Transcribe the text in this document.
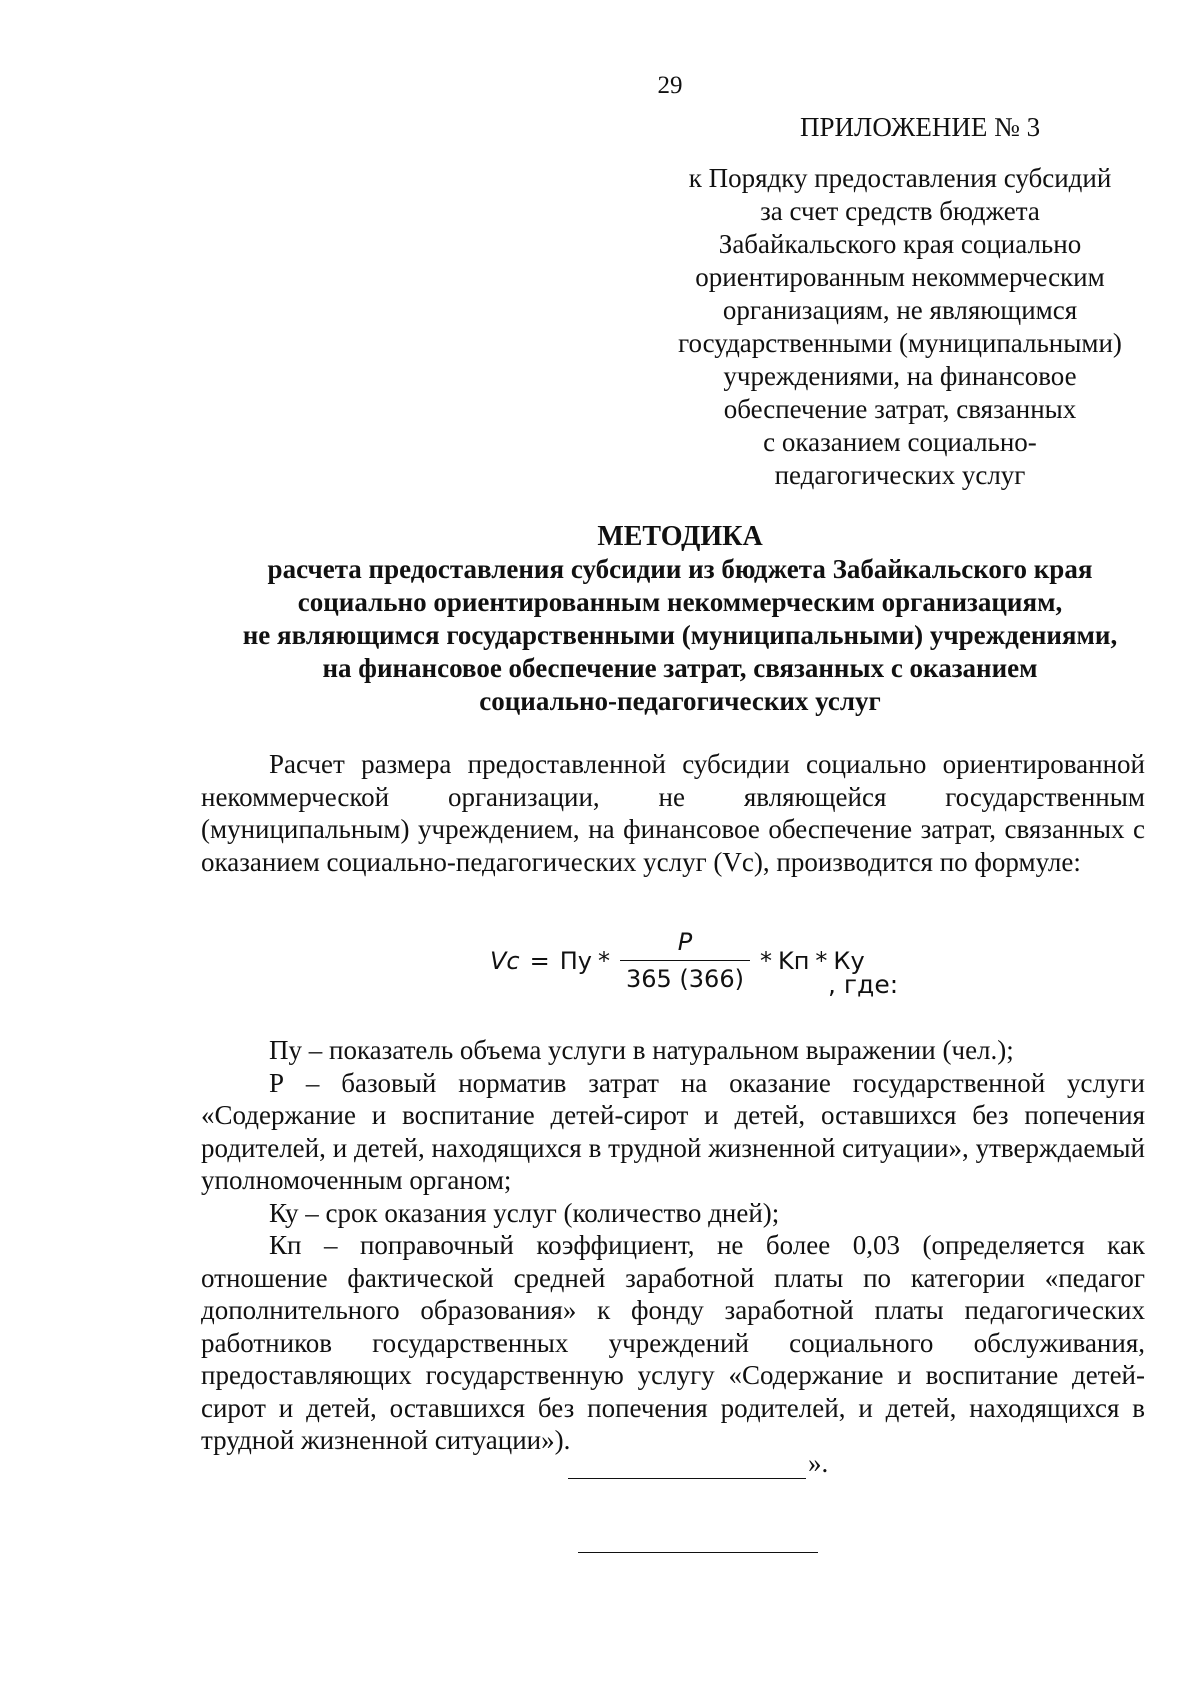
29
ПРИЛОЖЕНИЕ № 3
к Порядку предоставления субсидий
за счет средств бюджета
Забайкальского края социально
ориентированным некоммерческим
организациям, не являющимся
государственными (муниципальными)
учреждениями, на финансовое
обеспечение затрат, связанных
с оказанием социально-
педагогических услуг
МЕТОДИКА
расчета предоставления субсидии из бюджета Забайкальского края
социально ориентированным некоммерческим организациям,
не являющимся государственными (муниципальными) учреждениями,
на финансовое обеспечение затрат, связанных с оказанием
социально-педагогических услуг
Расчет размера предоставленной субсидии социально ориентированной некоммерческой организации, не являющейся государственным (муниципальным) учреждением, на финансовое обеспечение затрат, связанных с оказанием социально-педагогических услуг (Vс), производится по формуле:
Vc = Пу * $\frac{P}{365 (366)}$ * Kп * Ку
, где:

Пу – показатель объема услуги в натуральном выражении (чел.);

Р – базовый норматив затрат на оказание государственной услуги «Содержание и воспитание детей-сирот и детей, оставшихся без попечения родителей, и детей, находящихся в трудной жизненной ситуации», утверждаемый уполномоченным органом;

Ку – срок оказания услуг (количество дней);

Кп – поправочный коэффициент, не более 0,03 (определяется как отношение фактической средней заработной платы по категории «педагог дополнительного образования» к фонду заработной платы педагогических работников государственных учреждений социального обслуживания, предоставляющих государственную услугу «Содержание и воспитание детей-сирот и детей, оставшихся без попечения родителей, и детей, находящихся в трудной жизненной ситуации»).

».
